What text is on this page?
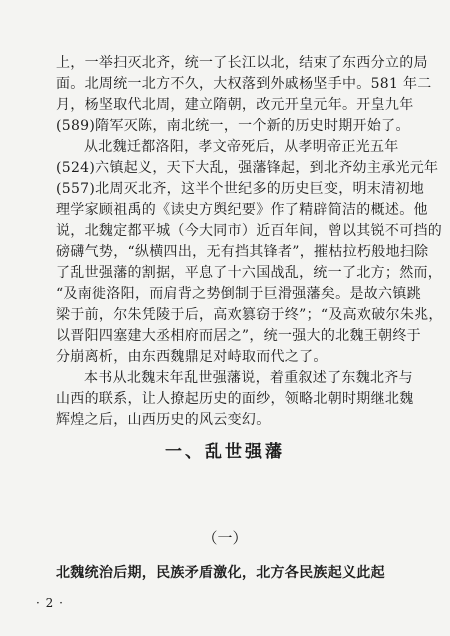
上，一举扫灭北齐，统一了长江以北，结束了东西分立的局
面。北周统一北方不久，大权落到外戚杨坚手中。581 年二
月，杨坚取代北周，建立隋朝，改元开皇元年。开皇九年
(589)隋军灭陈，南北统一，一个新的历史时期开始了。
从北魏迁都洛阳，孝文帝死后，从孝明帝正光五年
(524)六镇起义，天下大乱，强藩锋起，到北齐幼主承光元年
(557)北周灭北齐，这半个世纪多的历史巨变，明末清初地
理学家顾祖禹的《读史方舆纪要》作了精辟简洁的概述。他
说，北魏定都平城（今大同市）近百年间，曾以其锐不可挡的
磅礴气势，“纵横四出，无有挡其锋者”，摧枯拉朽般地扫除
了乱世强藩的割据，平息了十六国战乱，统一了北方；然而，
“及南徙洛阳，而肩背之势倒制于巨滑强藩矣。是故六镇跳
梁于前，尔朱凭陵于后，高欢篡窃于终”；“及高欢破尔朱兆，
以晋阳四塞建大丞相府而居之”，统一强大的北魏王朝终于
分崩离析，由东西魏鼎足对峙取而代之了。
本书从北魏末年乱世强藩说，着重叙述了东魏北齐与
山西的联系，让人撩起历史的面纱，领略北朝时期继北魏
辉煌之后，山西历史的风云变幻。
一、乱世强藩
（一）
北魏统治后期，民族矛盾激化，北方各民族起义此起
· 2 ·
